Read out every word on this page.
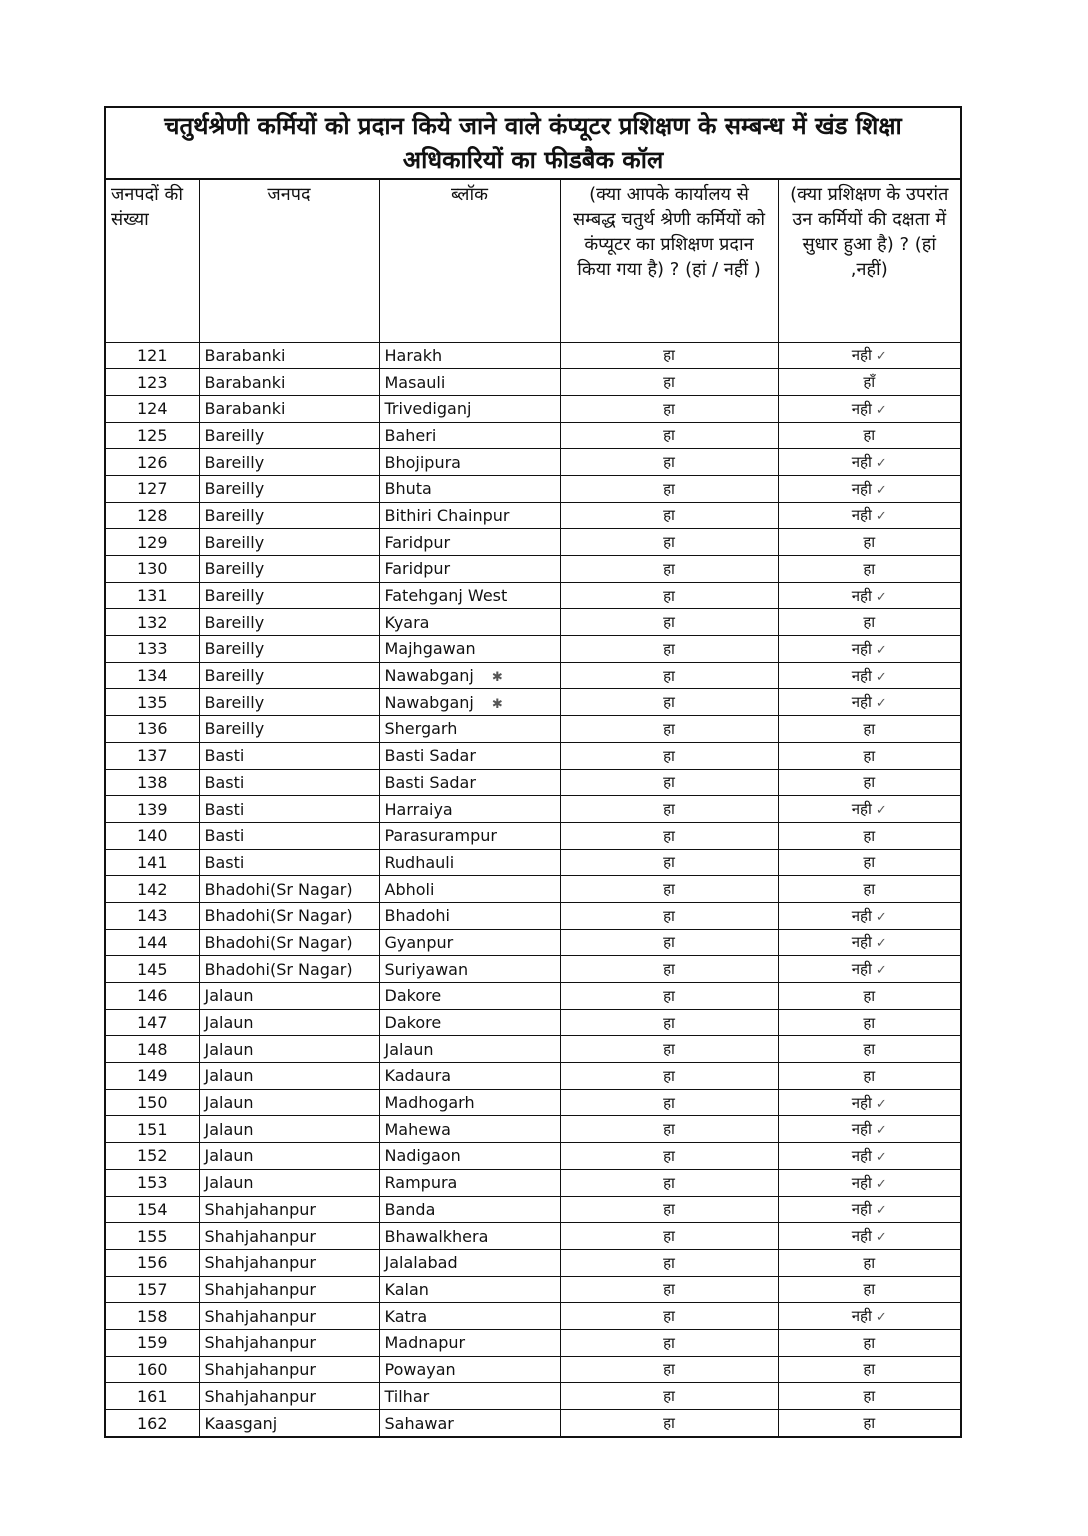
चतुर्थश्रेणी कर्मियों को प्रदान किये जाने वाले कंप्यूटर प्रशिक्षण के सम्बन्ध में खंड शिक्षा अधिकारियों का फीडबैक कॉल
जनपदों की संख्या	जनपद	ब्लॉक	(क्या आपके कार्यालय से सम्बद्ध चतुर्थ श्रेणी कर्मियों को कंप्यूटर का प्रशिक्षण प्रदान किया गया है) ? (हां / नहीं )	(क्या प्रशिक्षण के उपरांत उन कर्मियों की दक्षता में सुधार हुआ है) ? (हां ,नहीं)
121	Barabanki	Harakh	हा	नही ✓
123	Barabanki	Masauli	हा	हाँ
124	Barabanki	Trivediganj	हा	नही ✓
125	Bareilly	Baheri	हा	हा
126	Bareilly	Bhojipura	हा	नही ✓
127	Bareilly	Bhuta	हा	नही ✓
128	Bareilly	Bithiri Chainpur	हा	नही ✓
129	Bareilly	Faridpur	हा	हा
130	Bareilly	Faridpur	हा	हा
131	Bareilly	Fatehganj West	हा	नही ✓
132	Bareilly	Kyara	हा	हा
133	Bareilly	Majhgawan	हा	नही ✓
134	Bareilly	Nawabganj ✱	हा	नही ✓
135	Bareilly	Nawabganj ✱	हा	नही ✓
136	Bareilly	Shergarh	हा	हा
137	Basti	Basti Sadar	हा	हा
138	Basti	Basti Sadar	हा	हा
139	Basti	Harraiya	हा	नही ✓
140	Basti	Parasurampur	हा	हा
141	Basti	Rudhauli	हा	हा
142	Bhadohi(Sr Nagar)	Abholi	हा	हा
143	Bhadohi(Sr Nagar)	Bhadohi	हा	नही ✓
144	Bhadohi(Sr Nagar)	Gyanpur	हा	नही ✓
145	Bhadohi(Sr Nagar)	Suriyawan	हा	नही ✓
146	Jalaun	Dakore	हा	हा
147	Jalaun	Dakore	हा	हा
148	Jalaun	Jalaun	हा	हा
149	Jalaun	Kadaura	हा	हा
150	Jalaun	Madhogarh	हा	नही ✓
151	Jalaun	Mahewa	हा	नही ✓
152	Jalaun	Nadigaon	हा	नही ✓
153	Jalaun	Rampura	हा	नही ✓
154	Shahjahanpur	Banda	हा	नही ✓
155	Shahjahanpur	Bhawalkhera	हा	नही ✓
156	Shahjahanpur	Jalalabad	हा	हा
157	Shahjahanpur	Kalan	हा	हा
158	Shahjahanpur	Katra	हा	नही ✓
159	Shahjahanpur	Madnapur	हा	हा
160	Shahjahanpur	Powayan	हा	हा
161	Shahjahanpur	Tilhar	हा	हा
162	Kaasganj	Sahawar	हा	हा
